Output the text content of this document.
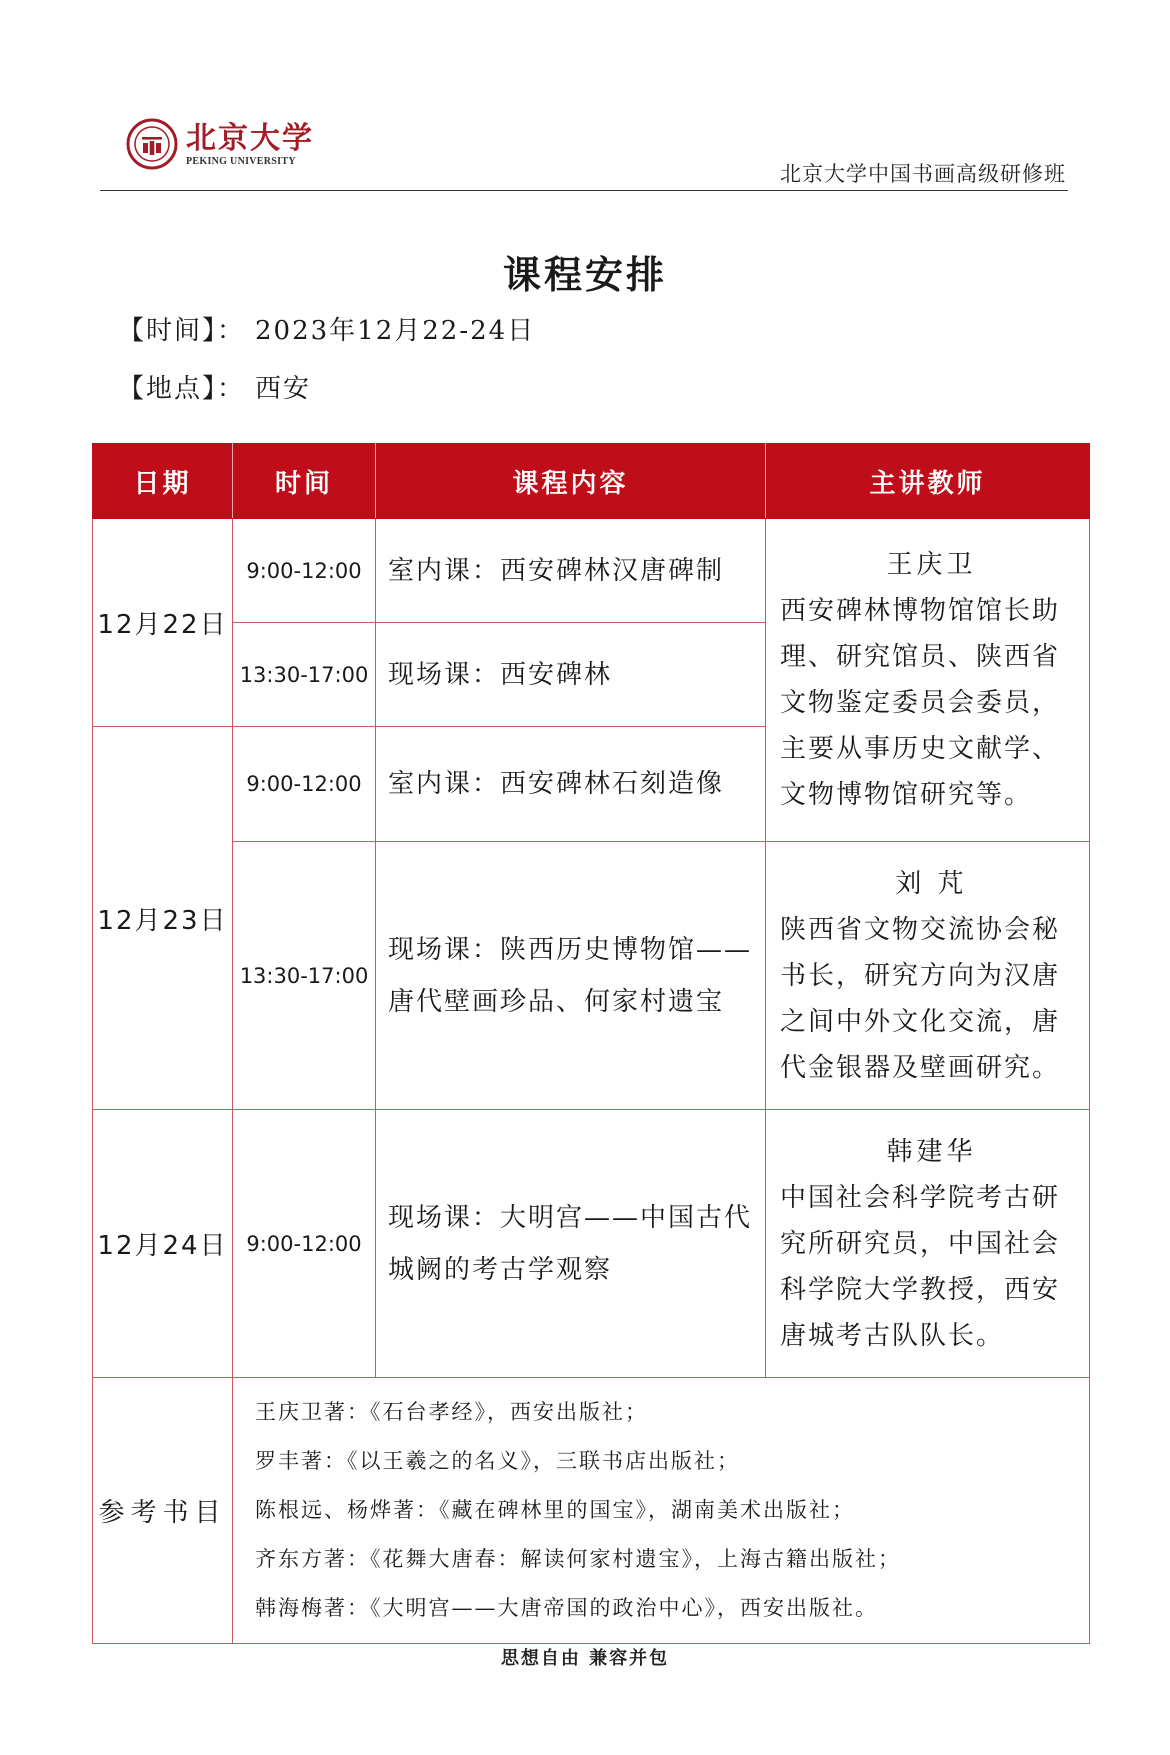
北京大学
PEKING UNIVERSITY
北京大学中国书画高级研修班
课程安排
【时间】： 2023年12月22-24日
【地点】： 西安
日期	时间	课程内容	主讲教师
12月22日	9:00-12:00	室内课：西安碑林汉唐碑制	王庆卫
西安碑林博物馆馆长助理、研究馆员、陕西省文物鉴定委员会委员，主要从事历史文献学、文物博物馆研究等。

	13:30-17:00	现场课：西安碑林	
12月23日	9:00-12:00	室内课：西安碑林石刻造像	
	13:30-17:00	现场课：陕西历史博物馆——唐代壁画珍品、何家村遗宝	刘 芃
陕西省文物交流协会秘书长，研究方向为汉唐之间中外文化交流，唐代金银器及壁画研究。

12月24日	9:00-12:00	现场课：大明宫——中国古代城阙的考古学观察	韩建华
中国社会科学院考古研究所研究员，中国社会科学院大学教授，西安唐城考古队队长。

参考书目	王庆卫著：《石台孝经》，西安出版社；
罗丰著：《以王羲之的名义》，三联书店出版社；
陈根远、杨烨著：《藏在碑林里的国宝》，湖南美术出版社；
齐东方著：《花舞大唐春：解读何家村遗宝》，上海古籍出版社；
韩海梅著：《大明宫——大唐帝国的政治中心》，西安出版社。		
思想自由 兼容并包
